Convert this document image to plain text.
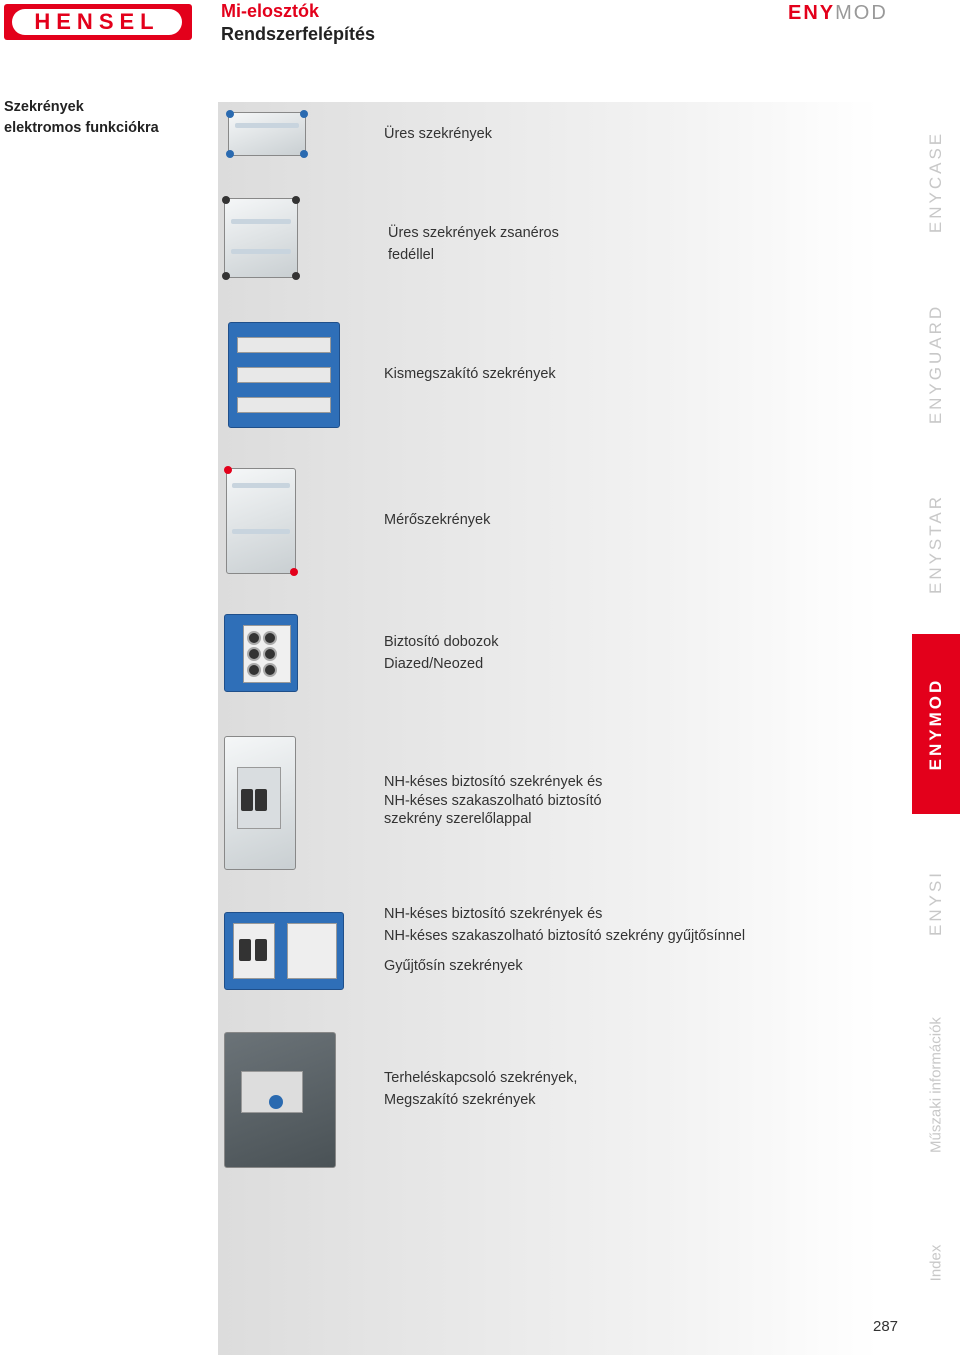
HENSEL	Mi-elosztók
Rendszerfelépítés
ENYMOD
Szekrények
elektromos funkciókra	Üres szekrények
Üres szekrények zsanéros
fedéllel
Kismegszakító szekrények
Mérőszekrények
Biztosító dobozok
Diazed/Neozed
NH-késes biztosító szekrények és
NH-késes szakaszolható biztosító
szekrény szerelőlappal
NH-késes biztosító szekrények és
NH-késes szakaszolható biztosító szekrény gyűjtősínnel
Gyűjtősín szekrények
Terheléskapcsoló szekrények,
Megszakító szekrények
ENYCASE
ENYGUARD
ENYSTAR
ENYMOD
ENYSI
Műszaki információk
Index
287
